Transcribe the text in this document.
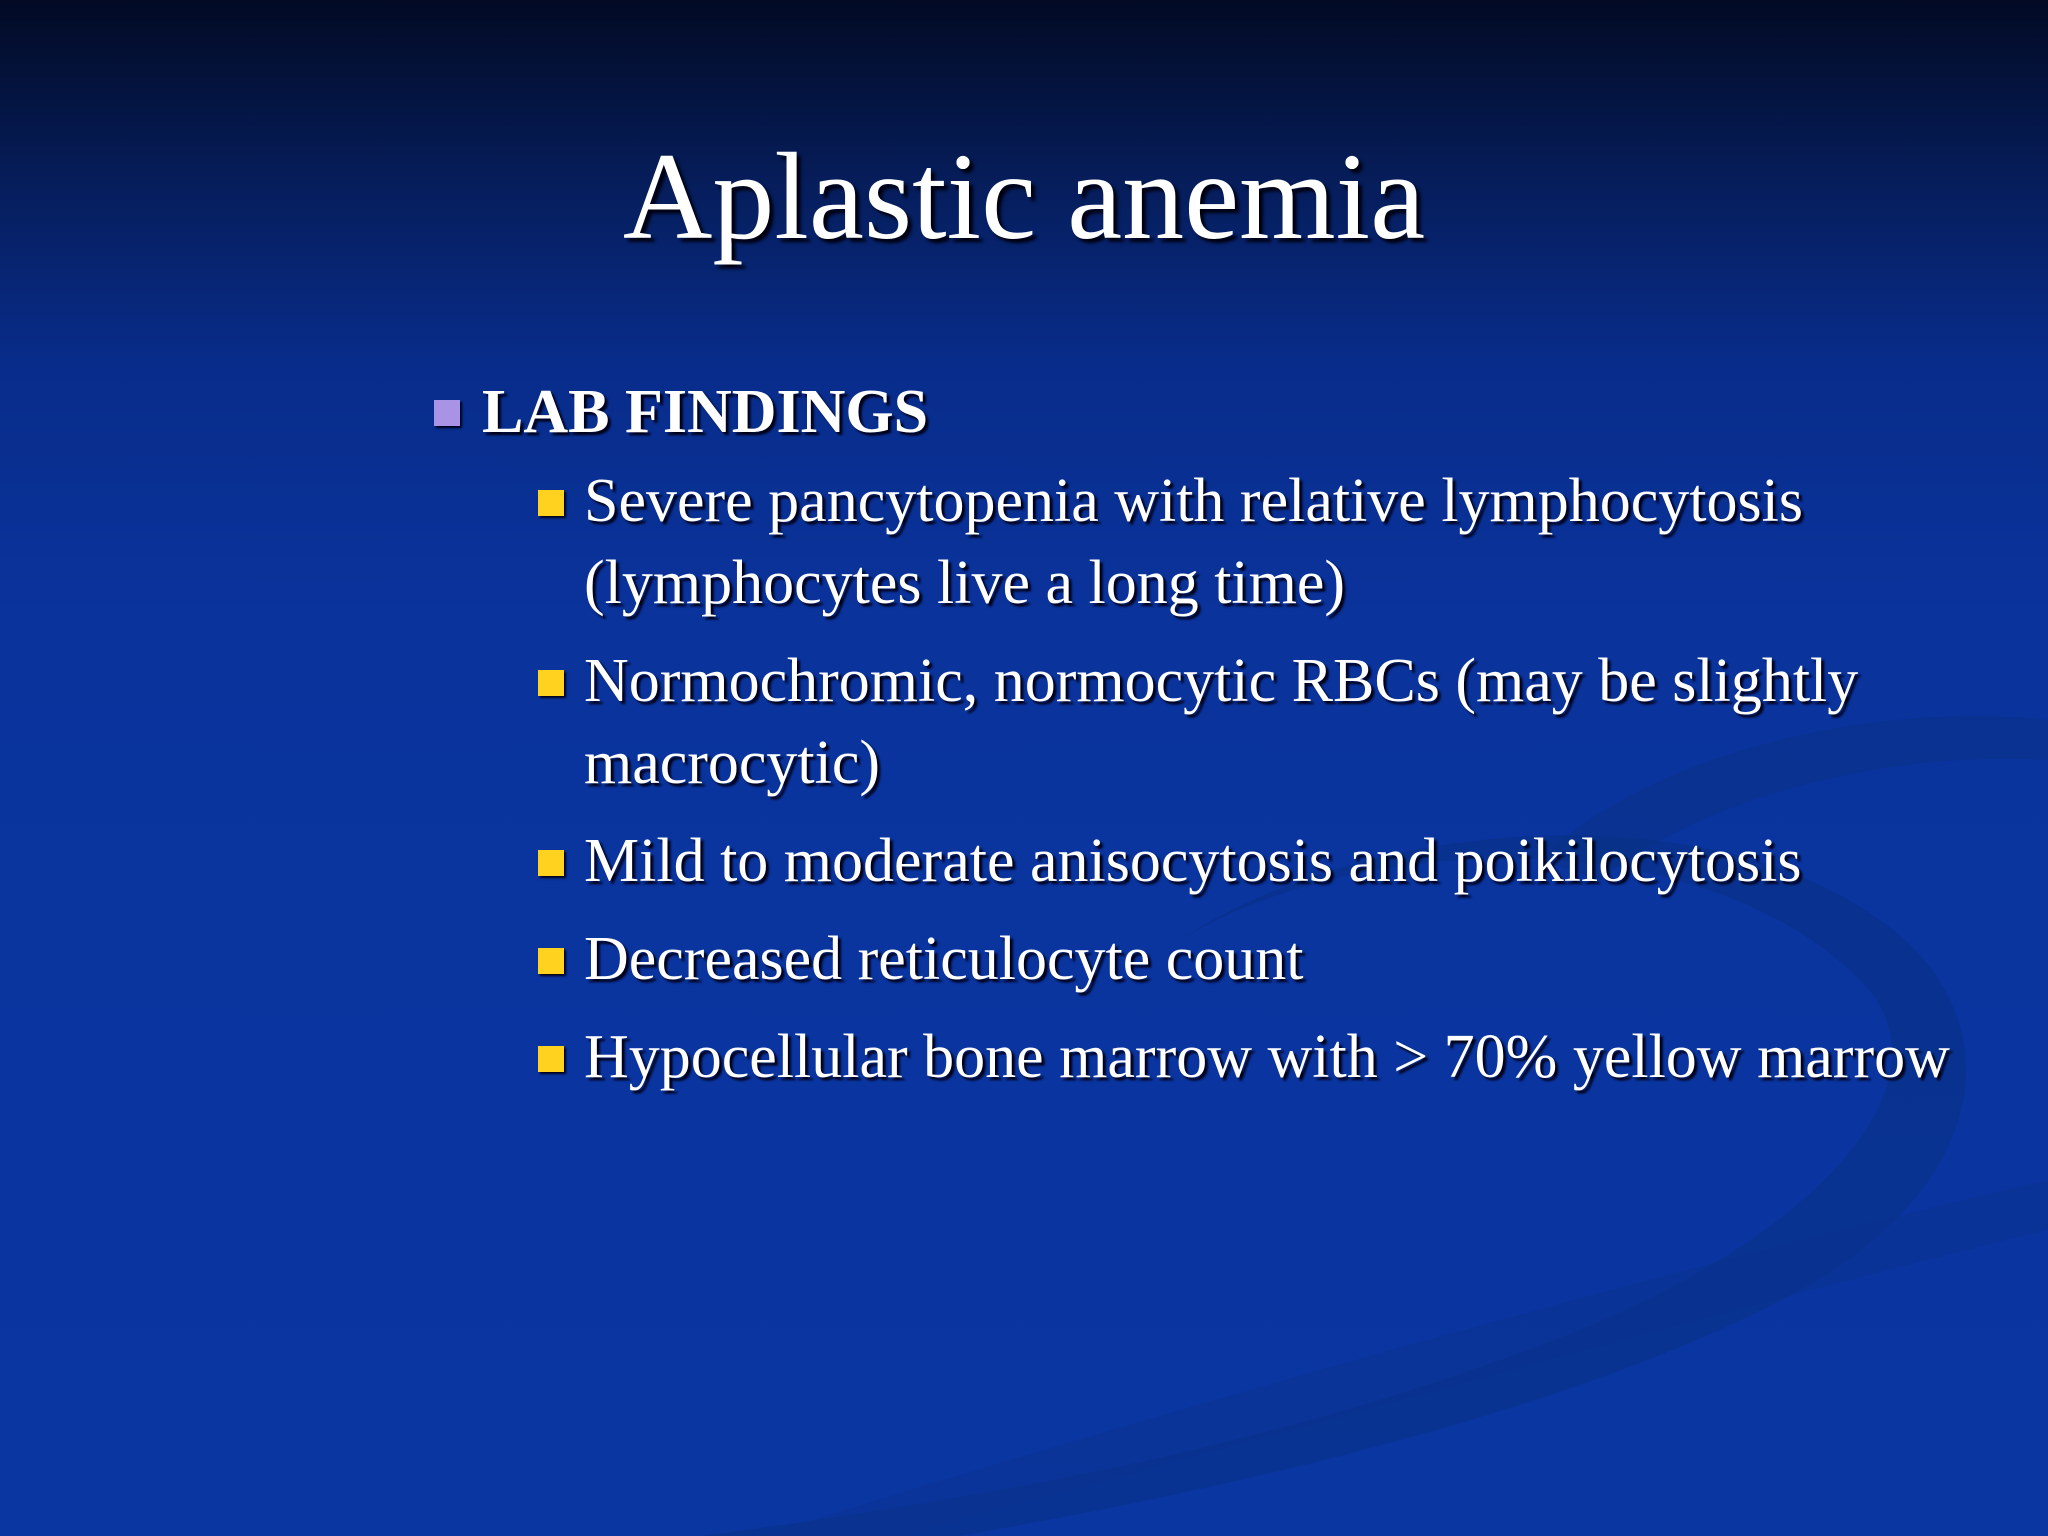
Aplastic anemia
LAB FINDINGS
Severe pancytopenia with relative lymphocytosis (lymphocytes live a long time)
Normochromic, normocytic RBCs (may be slightly macrocytic)
Mild to moderate anisocytosis and poikilocytosis
Decreased reticulocyte count
Hypocellular bone marrow with > 70% yellow marrow
